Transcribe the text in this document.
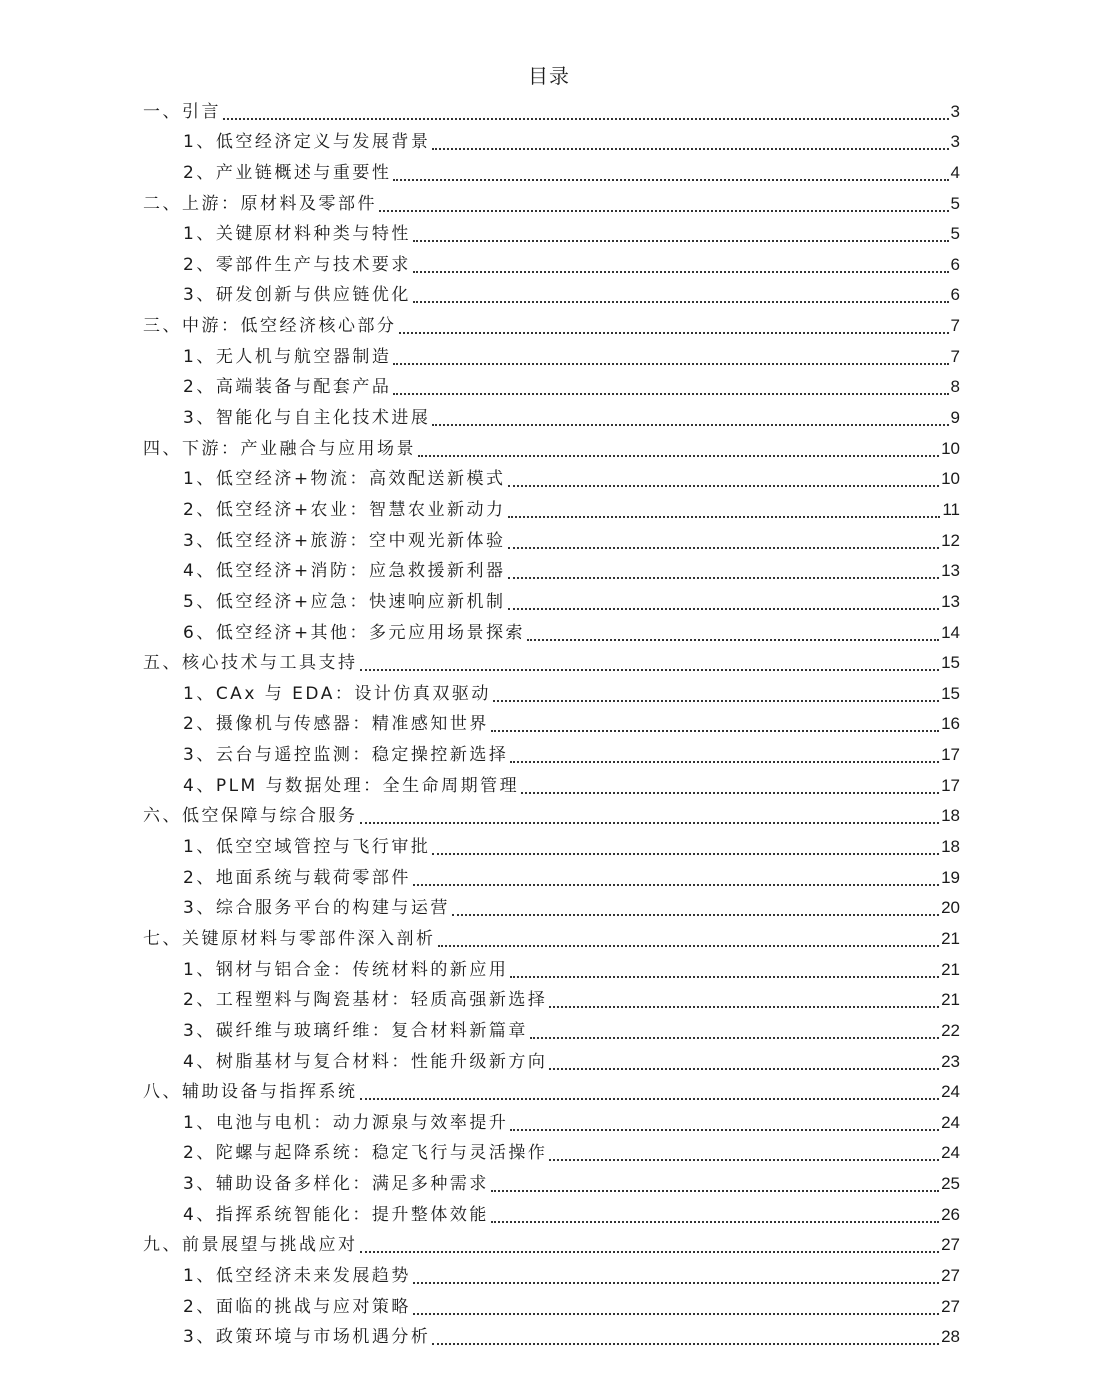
目录
一、引言	3
1、低空经济定义与发展背景	3
2、产业链概述与重要性	4
二、上游：原材料及零部件	5
1、关键原材料种类与特性	5
2、零部件生产与技术要求	6
3、研发创新与供应链优化	6
三、中游：低空经济核心部分	7
1、无人机与航空器制造	7
2、高端装备与配套产品	8
3、智能化与自主化技术进展	9
四、下游：产业融合与应用场景	10
1、低空经济+物流：高效配送新模式	10
2、低空经济+农业：智慧农业新动力	11
3、低空经济+旅游：空中观光新体验	12
4、低空经济+消防：应急救援新利器	13
5、低空经济+应急：快速响应新机制	13
6、低空经济+其他：多元应用场景探索	14
五、核心技术与工具支持	15
1、CAx 与 EDA：设计仿真双驱动	15
2、摄像机与传感器：精准感知世界	16
3、云台与遥控监测：稳定操控新选择	17
4、PLM 与数据处理：全生命周期管理	17
六、低空保障与综合服务	18
1、低空空域管控与飞行审批	18
2、地面系统与载荷零部件	19
3、综合服务平台的构建与运营	20
七、关键原材料与零部件深入剖析	21
1、钢材与铝合金：传统材料的新应用	21
2、工程塑料与陶瓷基材：轻质高强新选择	21
3、碳纤维与玻璃纤维：复合材料新篇章	22
4、树脂基材与复合材料：性能升级新方向	23
八、辅助设备与指挥系统	24
1、电池与电机：动力源泉与效率提升	24
2、陀螺与起降系统：稳定飞行与灵活操作	24
3、辅助设备多样化：满足多种需求	25
4、指挥系统智能化：提升整体效能	26
九、前景展望与挑战应对	27
1、低空经济未来发展趋势	27
2、面临的挑战与应对策略	27
3、政策环境与市场机遇分析	28
